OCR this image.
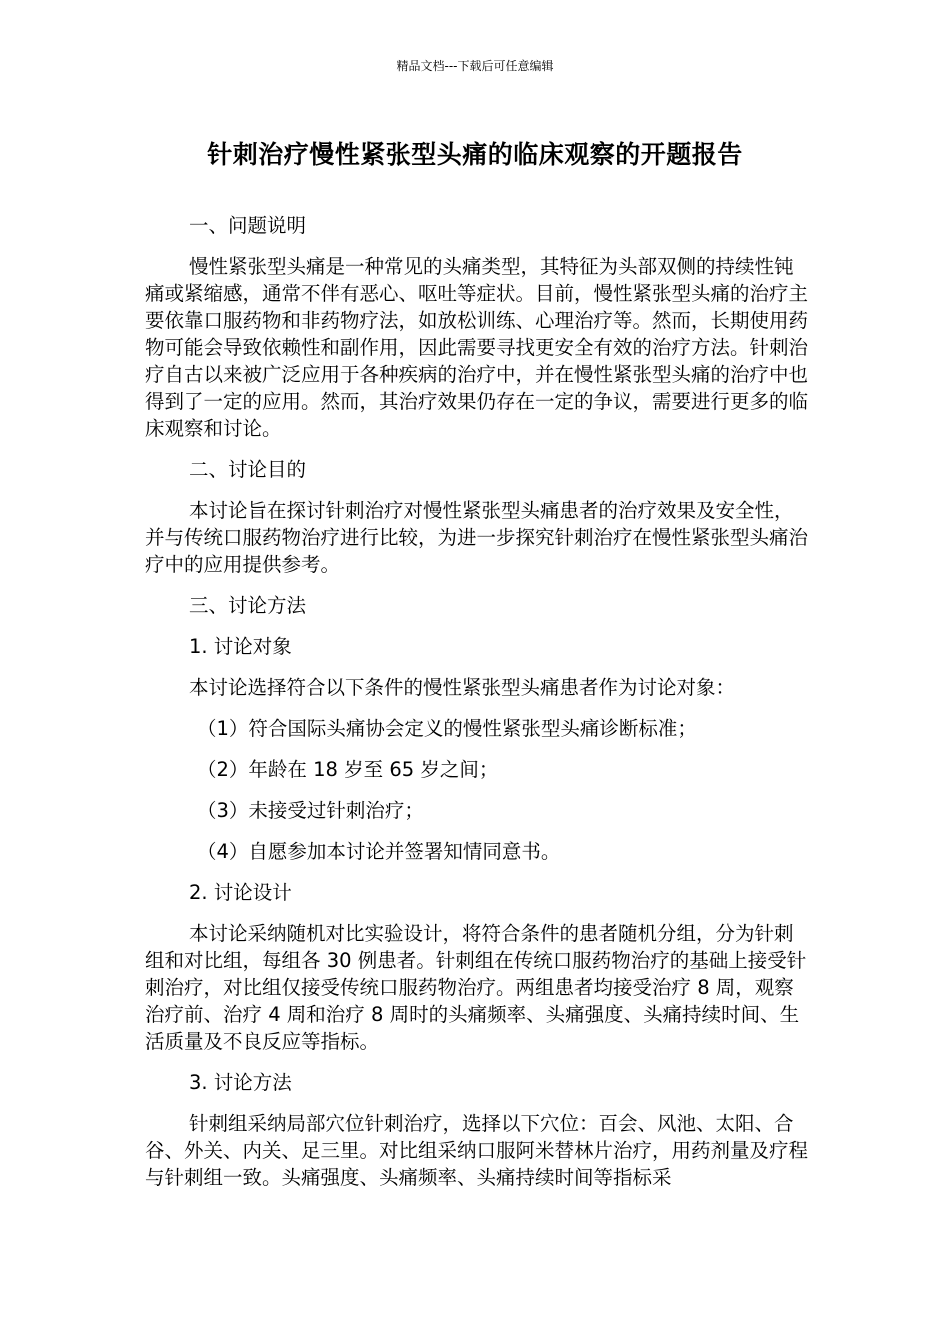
精品文档---下载后可任意编辑
针刺治疗慢性紧张型头痛的临床观察的开题报告

一、问题说明

慢性紧张型头痛是一种常见的头痛类型，其特征为头部双侧的持续性钝痛或紧缩感，通常不伴有恶心、呕吐等症状。目前，慢性紧张型头痛的治疗主要依靠口服药物和非药物疗法，如放松训练、心理治疗等。然而，长期使用药物可能会导致依赖性和副作用，因此需要寻找更安全有效的治疗方法。针刺治疗自古以来被广泛应用于各种疾病的治疗中，并在慢性紧张型头痛的治疗中也得到了一定的应用。然而，其治疗效果仍存在一定的争议，需要进行更多的临床观察和讨论。

二、讨论目的

本讨论旨在探讨针刺治疗对慢性紧张型头痛患者的治疗效果及安全性，并与传统口服药物治疗进行比较，为进一步探究针刺治疗在慢性紧张型头痛治疗中的应用提供参考。

三、讨论方法

1. 讨论对象

本讨论选择符合以下条件的慢性紧张型头痛患者作为讨论对象：

（1）符合国际头痛协会定义的慢性紧张型头痛诊断标准；

（2）年龄在 18 岁至 65 岁之间；

（3）未接受过针刺治疗；

（4）自愿参加本讨论并签署知情同意书。

2. 讨论设计

本讨论采纳随机对比实验设计，将符合条件的患者随机分组，分为针刺组和对比组，每组各 30 例患者。针刺组在传统口服药物治疗的基础上接受针刺治疗，对比组仅接受传统口服药物治疗。两组患者均接受治疗 8 周，观察治疗前、治疗 4 周和治疗 8 周时的头痛频率、头痛强度、头痛持续时间、生活质量及不良反应等指标。

3. 讨论方法

针刺组采纳局部穴位针刺治疗，选择以下穴位：百会、风池、太阳、合谷、外关、内关、足三里。对比组采纳口服阿米替林片治疗，用药剂量及疗程与针刺组一致。头痛强度、头痛频率、头痛持续时间等指标采
